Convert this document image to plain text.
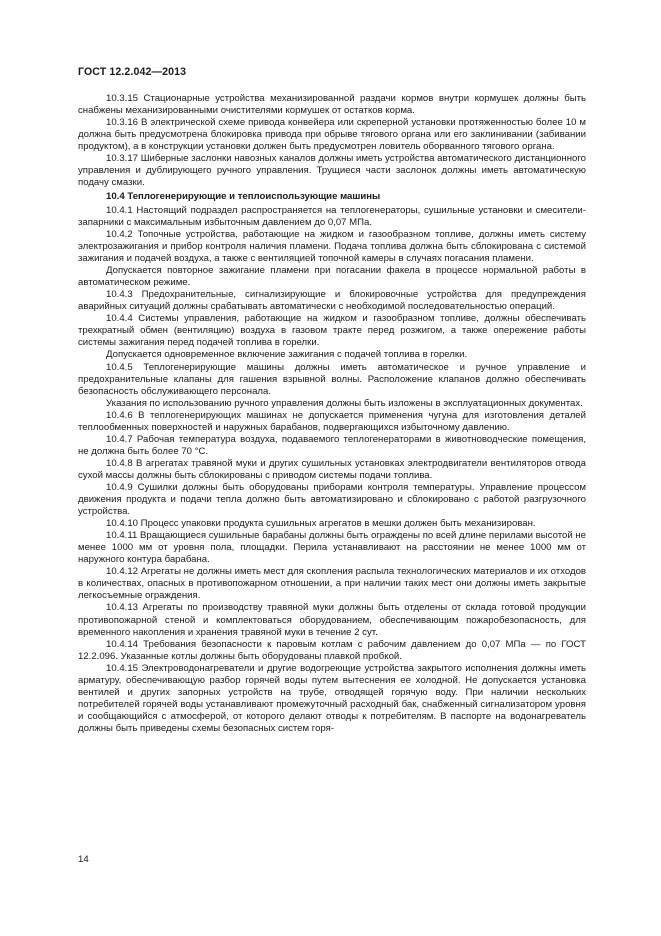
ГОСТ 12.2.042—2013

10.3.15 Стационарные устройства механизированной раздачи кормов внутри кормушек должны быть снабжены механизированными очистителями кормушек от остатков корма.

10.3.16 В электрической схеме привода конвейера или скреперной установки протяженностью более 10 м должна быть предусмотрена блокировка привода при обрыве тягового органа или его заклинивании (забивании продуктом), а в конструкции установки должен быть предусмотрен ловитель оборванного тягового органа.

10.3.17 Шиберные заслонки навозных каналов должны иметь устройства автоматического дистанционного управления и дублирующего ручного управления. Трущиеся части заслонок должны иметь автоматическую подачу смазки.

10.4 Теплогенерирующие и теплоиспользующие машины

10.4.1 Настоящий подраздел распространяется на теплогенераторы, сушильные установки и смесители-запарники с максимальным избыточным давлением до 0,07 МПа.

10.4.2 Топочные устройства, работающие на жидком и газообразном топливе, должны иметь систему электрозажигания и прибор контроля наличия пламени. Подача топлива должна быть сблокирована с системой зажигания и подачей воздуха, а также с вентиляцией топочной камеры в случаях погасания пламени.

Допускается повторное зажигание пламени при погасании факела в процессе нормальной работы в автоматическом режиме.

10.4.3 Предохранительные, сигнализирующие и блокировочные устройства для предупреждения аварийных ситуаций должны срабатывать автоматически с необходимой последовательностью операций.

10.4.4 Системы управления, работающие на жидком и газообразном топливе, должны обеспечивать трехкратный обмен (вентиляцию) воздуха в газовом тракте перед розжигом, а также опережение работы системы зажигания перед подачей топлива в горелки.

Допускается одновременное включение зажигания с подачей топлива в горелки.

10.4.5 Теплогенерирующие машины должны иметь автоматическое и ручное управление и предохранительные клапаны для гашения взрывной волны. Расположение клапанов должно обеспечивать безопасность обслуживающего персонала.

Указания по использованию ручного управления должны быть изложены в эксплуатационных документах.

10.4.6 В теплогенерирующих машинах не допускается применения чугуна для изготовления деталей теплообменных поверхностей и наружных барабанов, подвергающихся избыточному давлению.

10.4.7 Рабочая температура воздуха, подаваемого теплогенераторами в животноводческие помещения, не должна быть более 70 °С.

10.4.8 В агрегатах травяной муки и других сушильных установках электродвигатели вентиляторов отвода сухой массы должны быть сблокированы с приводом системы подачи топлива.

10.4.9 Сушилки должны быть оборудованы приборами контроля температуры. Управление процессом движения продукта и подачи тепла должно быть автоматизировано и сблокировано с работой разгрузочного устройства.

10.4.10 Процесс упаковки продукта сушильных агрегатов в мешки должен быть механизирован.

10.4.11 Вращающиеся сушильные барабаны должны быть ограждены по всей длине перилами высотой не менее 1000 мм от уровня пола, площадки. Перила устанавливают на расстоянии не менее 1000 мм от наружного контура барабана.

10.4.12 Агрегаты не должны иметь мест для скопления распыла технологических материалов и их отходов в количествах, опасных в противопожарном отношении, а при наличии таких мест они должны иметь закрытые легкосъемные ограждения.

10.4.13 Агрегаты по производству травяной муки должны быть отделены от склада готовой продукции противопожарной стеной и комплектоваться оборудованием, обеспечивающим пожаробезопасность, для временного накопления и хранения травяной муки в течение 2 сут.

10.4.14 Требования безопасности к паровым котлам с рабочим давлением до 0,07 МПа — по ГОСТ 12.2.096. Указанные котлы должны быть оборудованы плавкой пробкой.

10.4.15 Электроводонагреватели и другие водогреющие устройства закрытого исполнения должны иметь арматуру, обеспечивающую разбор горячей воды путем вытеснения ее холодной. Не допускается установка вентилей и других запорных устройств на трубе, отводящей горячую воду. При наличии нескольких потребителей горячей воды устанавливают промежуточный расходный бак, снабженный сигнализатором уровня и сообщающийся с атмосферой, от которого делают отводы к потребителям. В паспорте на водонагреватель должны быть приведены схемы безопасных систем горя-

14
